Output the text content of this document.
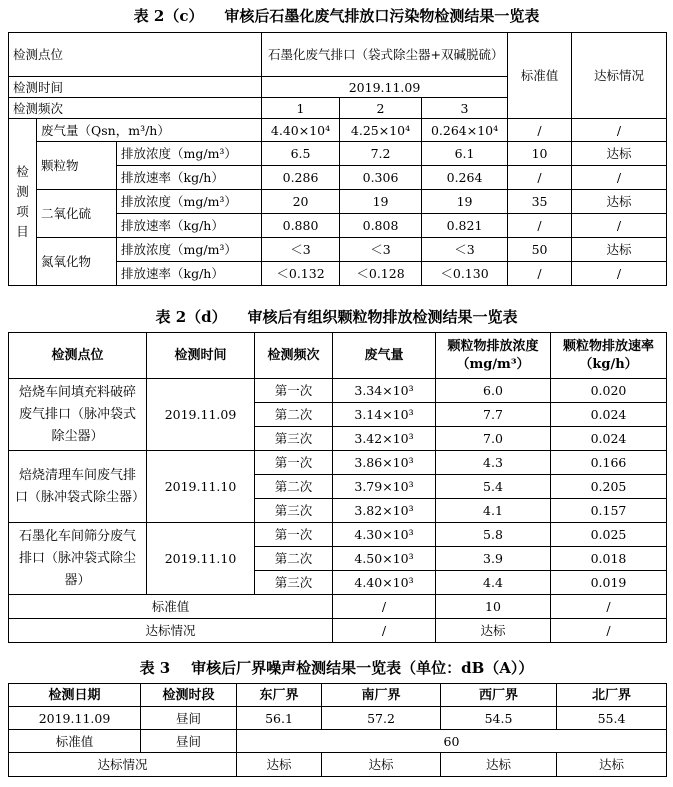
表 2（c）    审核后石墨化废气排放口污染物检测结果一览表
检测点位			石墨化废气排口（袋式除尘器+双碱脱硫）			标准值	达标情况
检测时间			2019.11.09				
检测频次			1	2	3		
检测项目	废气量（Qsn，m³/h）		4.40×10⁴	4.25×10⁴	0.264×10⁴	/	/
	颗粒物	排放浓度（mg/m³）	6.5	7.2	6.1	10	达标
		排放速率（kg/h）	0.286	0.306	0.264	/	/
	二氧化硫	排放浓度（mg/m³）	20	19	19	35	达标
		排放速率（kg/h）	0.880	0.808	0.821	/	/
	氮氧化物	排放浓度（mg/m³）	＜3	＜3	＜3	50	达标
		排放速率（kg/h）	＜0.132	＜0.128	＜0.130	/	/
表 2（d）    审核后有组织颗粒物排放检测结果一览表
检测点位	检测时间	检测频次	废气量	颗粒物排放浓度（mg/m³）	颗粒物排放速率（kg/h）
焙烧车间填充料破碎废气排口（脉冲袋式除尘器）	2019.11.09	第一次	3.34×10³	6.0	0.020
		第二次	3.14×10³	7.7	0.024
		第三次	3.42×10³	7.0	0.024
焙烧清理车间废气排口（脉冲袋式除尘器）	2019.11.10	第一次	3.86×10³	4.3	0.166
		第二次	3.79×10³	5.4	0.205
		第三次	3.82×10³	4.1	0.157
石墨化车间筛分废气排口（脉冲袋式除尘器）	2019.11.10	第一次	4.30×10³	5.8	0.025
		第二次	4.50×10³	3.9	0.018
		第三次	4.40×10³	4.4	0.019
标准值			/	10	/
达标情况			/	达标	/
表 3    审核后厂界噪声检测结果一览表（单位：dB（A））
检测日期	检测时段	东厂界	南厂界	西厂界	北厂界
2019.11.09	昼间	56.1	57.2	54.5	55.4
标准值	昼间	60			
达标情况		达标	达标	达标	达标
